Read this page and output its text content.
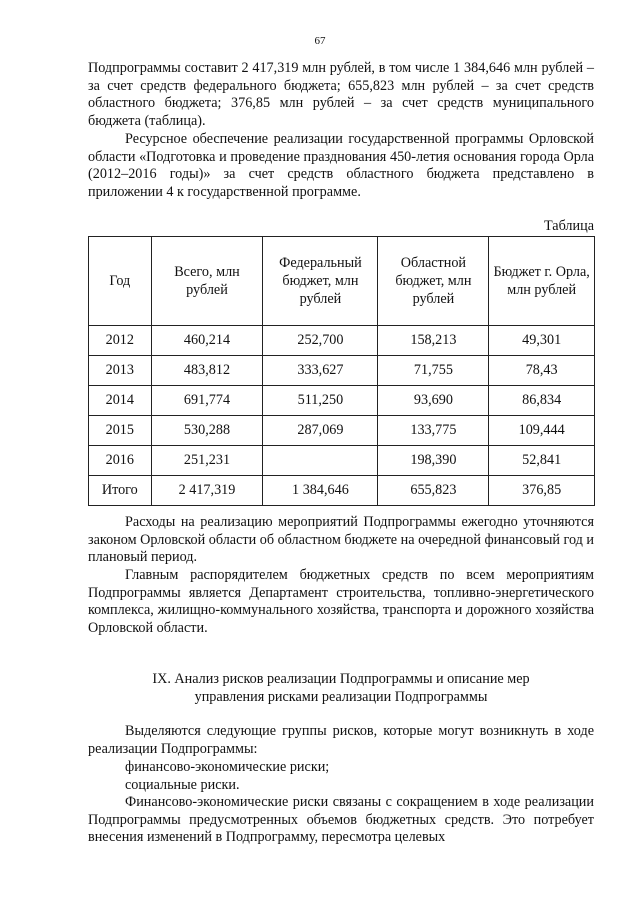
67

Подпрограммы составит 2 417,319 млн рублей, в том числе 1 384,646 млн рублей – за счет средств федерального бюджета; 655,823 млн рублей – за счет средств областного бюджета; 376,85 млн рублей – за счет средств муниципального бюджета (таблица).

Ресурсное обеспечение реализации государственной программы Орловской области «Подготовка и проведение празднования 450-летия основания города Орла (2012–2016 годы)» за счет средств областного бюджета представлено в приложении 4 к государственной программе.

Таблица
Год	Всего, млн рублей	Федеральный бюджет, млн рублей	Областной бюджет, млн рублей	Бюджет г. Орла, млн рублей
2012	460,214	252,700	158,213	49,301
2013	483,812	333,627	71,755	78,43
2014	691,774	511,250	93,690	86,834
2015	530,288	287,069	133,775	109,444
2016	251,231		198,390	52,841
Итого	2 417,319	1 384,646	655,823	376,85

Расходы на реализацию мероприятий Подпрограммы ежегодно уточняются законом Орловской области об областном бюджете на очередной финансовый год и плановый период.

Главным распорядителем бюджетных средств по всем мероприятиям Подпрограммы является Департамент строительства, топливно-энергетического комплекса, жилищно-коммунального хозяйства, транспорта и дорожного хозяйства Орловской области.

IX. Анализ рисков реализации Подпрограммы и описание мер
управления рисками реализации Подпрограммы

Выделяются следующие группы рисков, которые могут возникнуть в ходе реализации Подпрограммы:

финансово-экономические риски;

социальные риски.

Финансово-экономические риски связаны с сокращением в ходе реализации Подпрограммы предусмотренных объемов бюджетных средств. Это потребует внесения изменений в Подпрограмму, пересмотра целевых
